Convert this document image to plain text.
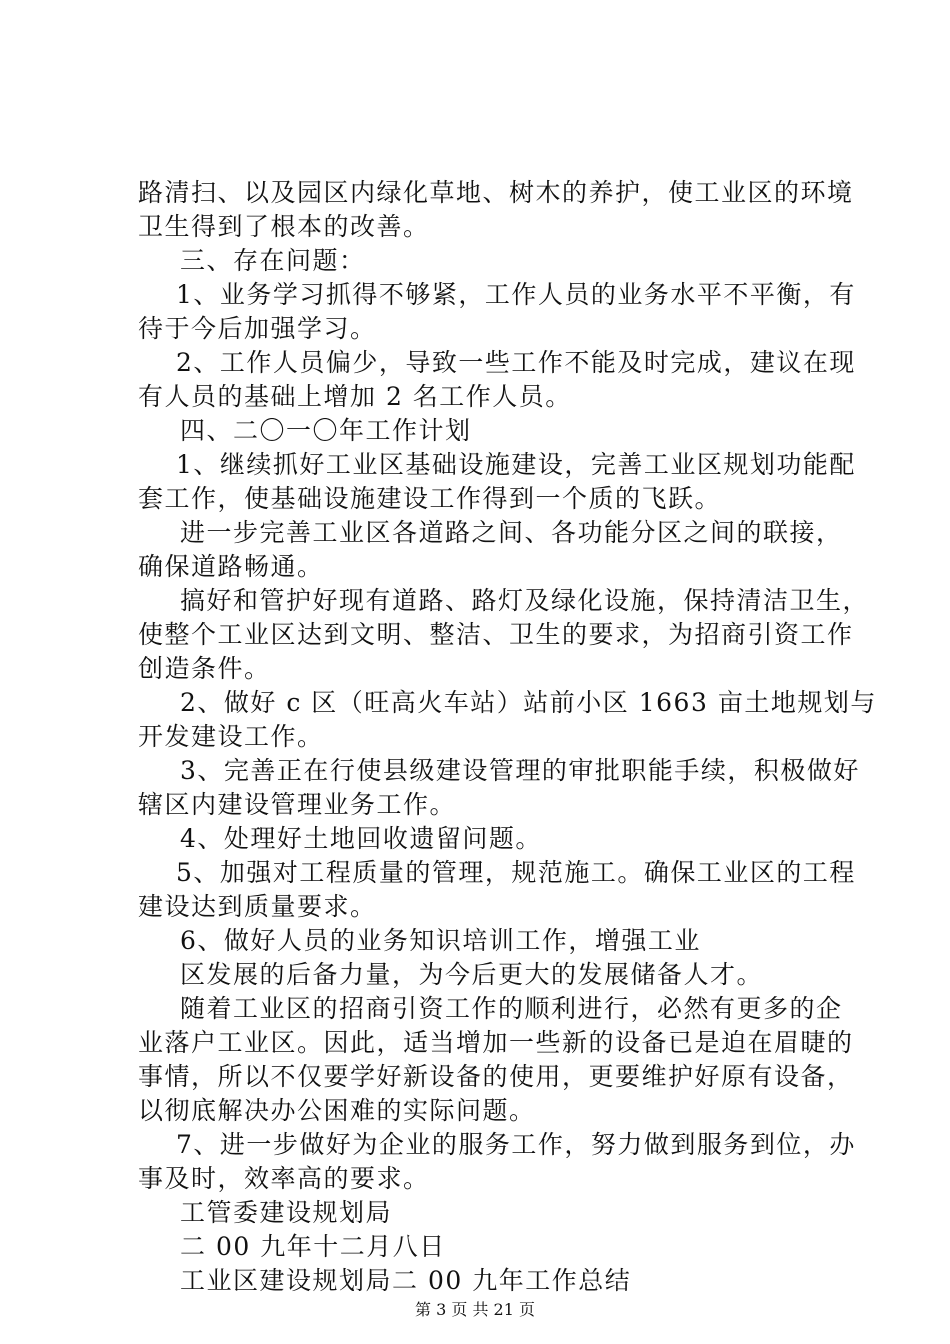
路清扫、以及园区内绿化草地、树木的养护，使工业区的环境
卫生得到了根本的改善。
三、存在问题：
1、业务学习抓得不够紧，工作人员的业务水平不平衡，有
待于今后加强学习。
2、工作人员偏少，导致一些工作不能及时完成，建议在现
有人员的基础上增加 2 名工作人员。
四、二〇一〇年工作计划
1、继续抓好工业区基础设施建设，完善工业区规划功能配
套工作，使基础设施建设工作得到一个质的飞跃。
进一步完善工业区各道路之间、各功能分区之间的联接，
确保道路畅通。
搞好和管护好现有道路、路灯及绿化设施，保持清洁卫生，
使整个工业区达到文明、整洁、卫生的要求，为招商引资工作
创造条件。
2、做好 c 区（旺高火车站）站前小区 1663 亩土地规划与
开发建设工作。
3、完善正在行使县级建设管理的审批职能手续，积极做好
辖区内建设管理业务工作。
4、处理好土地回收遗留问题。
5、加强对工程质量的管理，规范施工。确保工业区的工程
建设达到质量要求。
6、做好人员的业务知识培训工作，增强工业
区发展的后备力量，为今后更大的发展储备人才。
随着工业区的招商引资工作的顺利进行，必然有更多的企
业落户工业区。因此，适当增加一些新的设备已是迫在眉睫的
事情，所以不仅要学好新设备的使用，更要维护好原有设备，
以彻底解决办公困难的实际问题。
7、进一步做好为企业的服务工作，努力做到服务到位，办
事及时，效率高的要求。
工管委建设规划局
二 00 九年十二月八日
工业区建设规划局二 00 九年工作总结
第 3 页 共 21 页
